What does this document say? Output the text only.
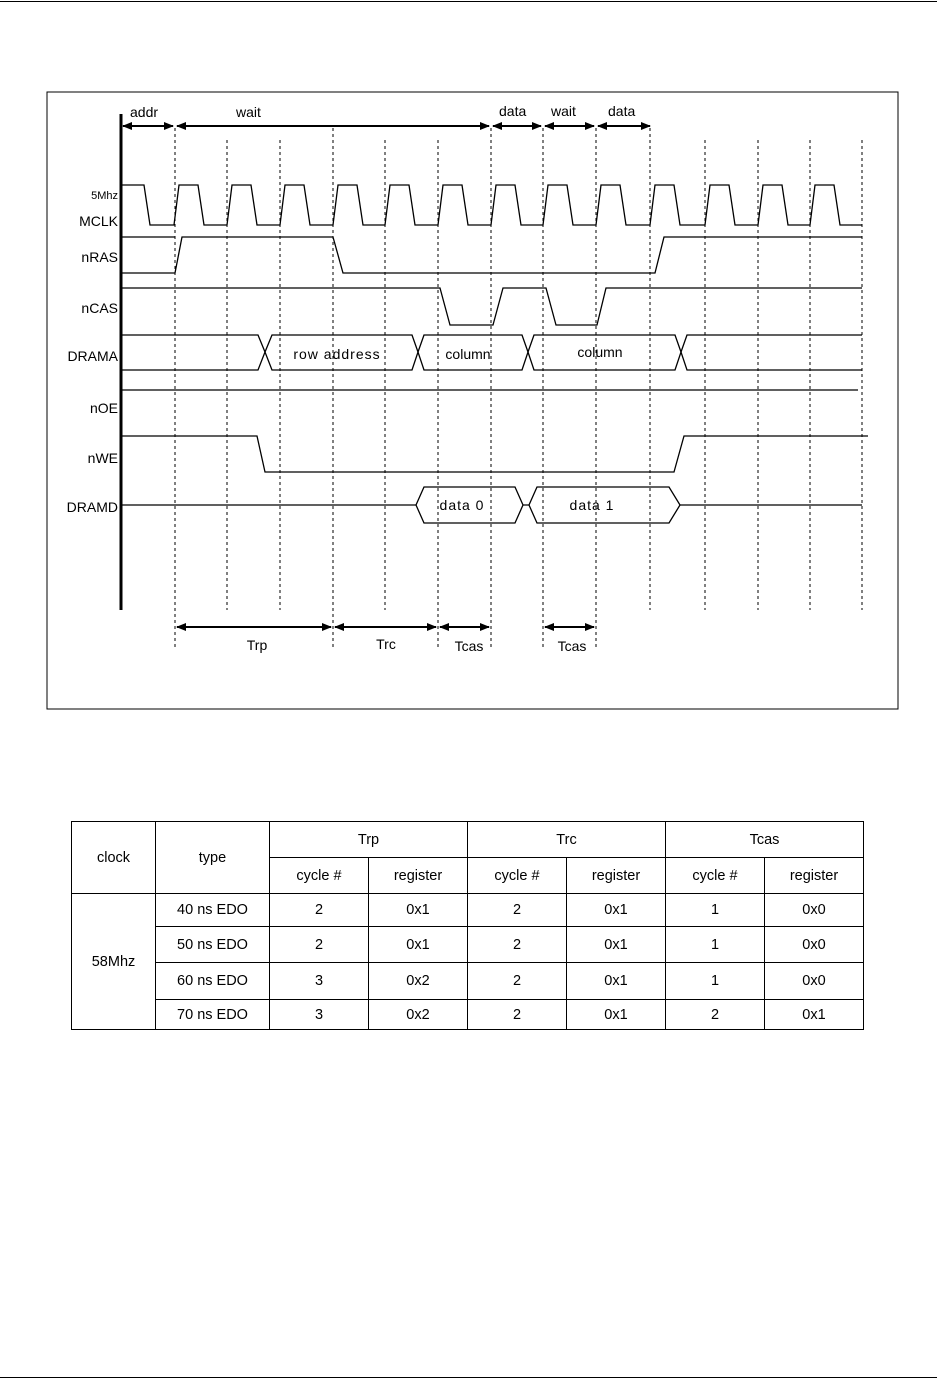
addr	wait	data wait data
5Mhz
MCLK
nRAS
nCAS
DRAMA
nOE
nWE
DRAMD
row address	column	column
data 0	data 1
Trp	Trc	Tcas	Tcas
clock	type	Trp		Trc		Tcas	
		cycle #	register	cycle #	register	cycle #	register
58Mhz	40 ns EDO	2	0x1	2	0x1	1	0x0
	50 ns EDO	2	0x1	2	0x1	1	0x0
	60 ns EDO	3	0x2	2	0x1	1	0x0
	70 ns EDO	3	0x2	2	0x1	2	0x1
